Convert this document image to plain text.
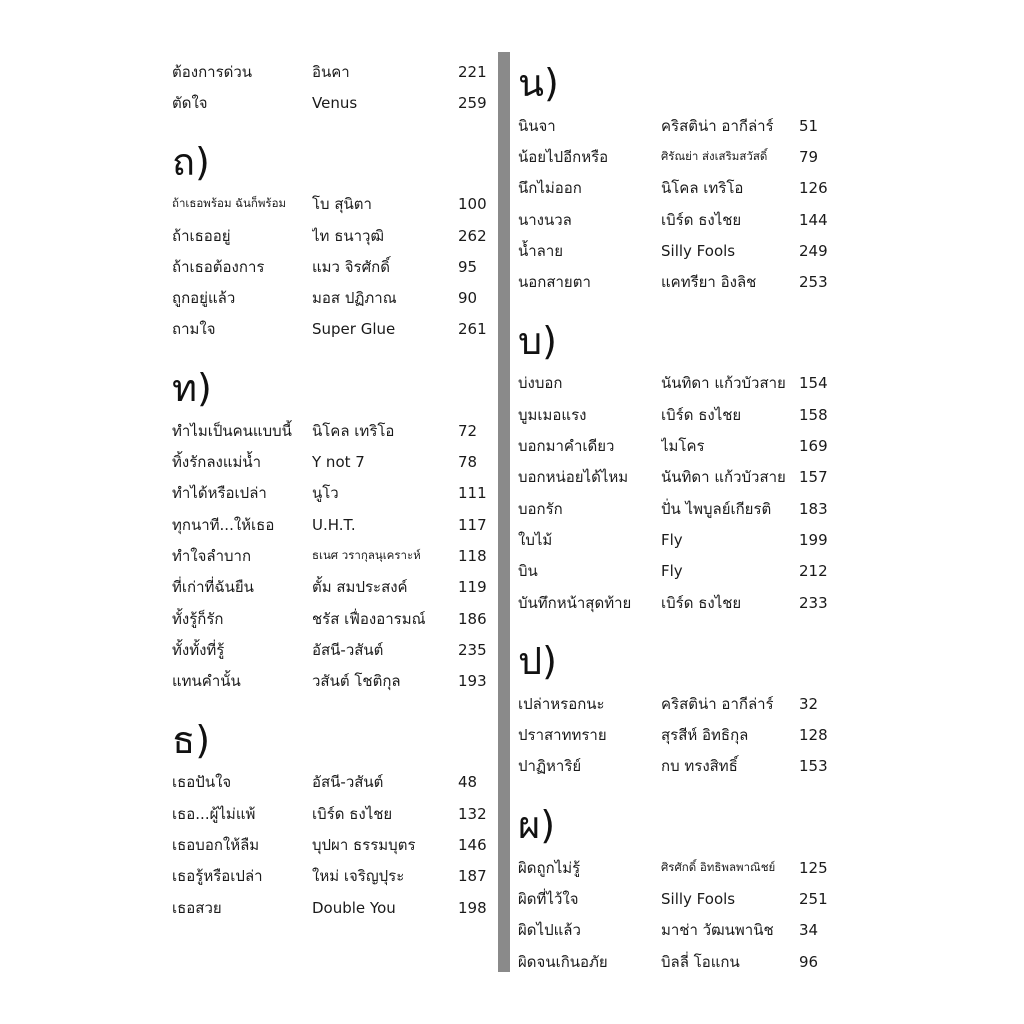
ต้องการด่วน	อินคา	221
ตัดใจ	Venus	259
ถ)
ถ้าเธอพร้อม ฉันก็พร้อม	โบ สุนิตา	100
ถ้าเธออยู่	ไท ธนาวุฒิ	262
ถ้าเธอต้องการ	แมว จิรศักดิ์	95
ถูกอยู่แล้ว	มอส ปฏิภาณ	90
ถามใจ	Super Glue	261
ท)
ทำไมเป็นคนแบบนี้	นิโคล เทริโอ	72
ทิ้งรักลงแม่น้ำ	Y not 7	78
ทำได้หรือเปล่า	นูโว	111
ทุกนาที...ให้เธอ	U.H.T.	117
ทำใจลำบาก	ธเนศ วรากุลนุเคราะห์	118
ที่เก่าที่ฉันยืน	ตั้ม สมประสงค์	119
ทั้งรู้ก็รัก	ชรัส เฟื่องอารมณ์	186
ทั้งทั้งที่รู้	อัสนี-วสันต์	235
แทนคำนั้น	วสันต์ โชติกุล	193
ธ)
เธอปันใจ	อัสนี-วสันต์	48
เธอ...ผู้ไม่แพ้	เบิร์ด ธงไชย	132
เธอบอกให้ลืม	บุปผา ธรรมบุตร	146
เธอรู้หรือเปล่า	ใหม่ เจริญปุระ	187
เธอสวย	Double You	198
น)
นินจา	คริสติน่า อากีล่าร์	51
น้อยไปอีกหรือ	ศิรัณย่า ส่งเสริมสวัสดิ์	79
นึกไม่ออก	นิโคล เทริโอ	126
นางนวล	เบิร์ด ธงไชย	144
น้ำลาย	Silly Fools	249
นอกสายตา	แคทรียา อิงลิช	253
บ)
บ่งบอก	นันทิดา แก้วบัวสาย 154
บูมเมอแรง	เบิร์ด ธงไชย	158
บอกมาคำเดียว	ไมโคร	169
บอกหน่อยได้ไหม	นันทิดา แก้วบัวสาย 157
บอกรัก	ปั่น ไพบูลย์เกียรติ	183
ใบไม้	Fly	199
บิน	Fly	212
บันทึกหน้าสุดท้าย	เบิร์ด ธงไชย	233
ป)
เปล่าหรอกนะ	คริสติน่า อากีล่าร์	32
ปราสาททราย	สุรสีห์ อิทธิกุล	128
ปาฏิหาริย์	กบ ทรงสิทธิ์	153
ผ)
ผิดถูกไม่รู้	ศิรศักดิ์ อิทธิพลพาณิชย์	125
ผิดที่ไว้ใจ	Silly Fools	251
ผิดไปแล้ว	มาช่า วัฒนพานิช	34
ผิดจนเกินอภัย	บิลลี่ โอแกน	96
